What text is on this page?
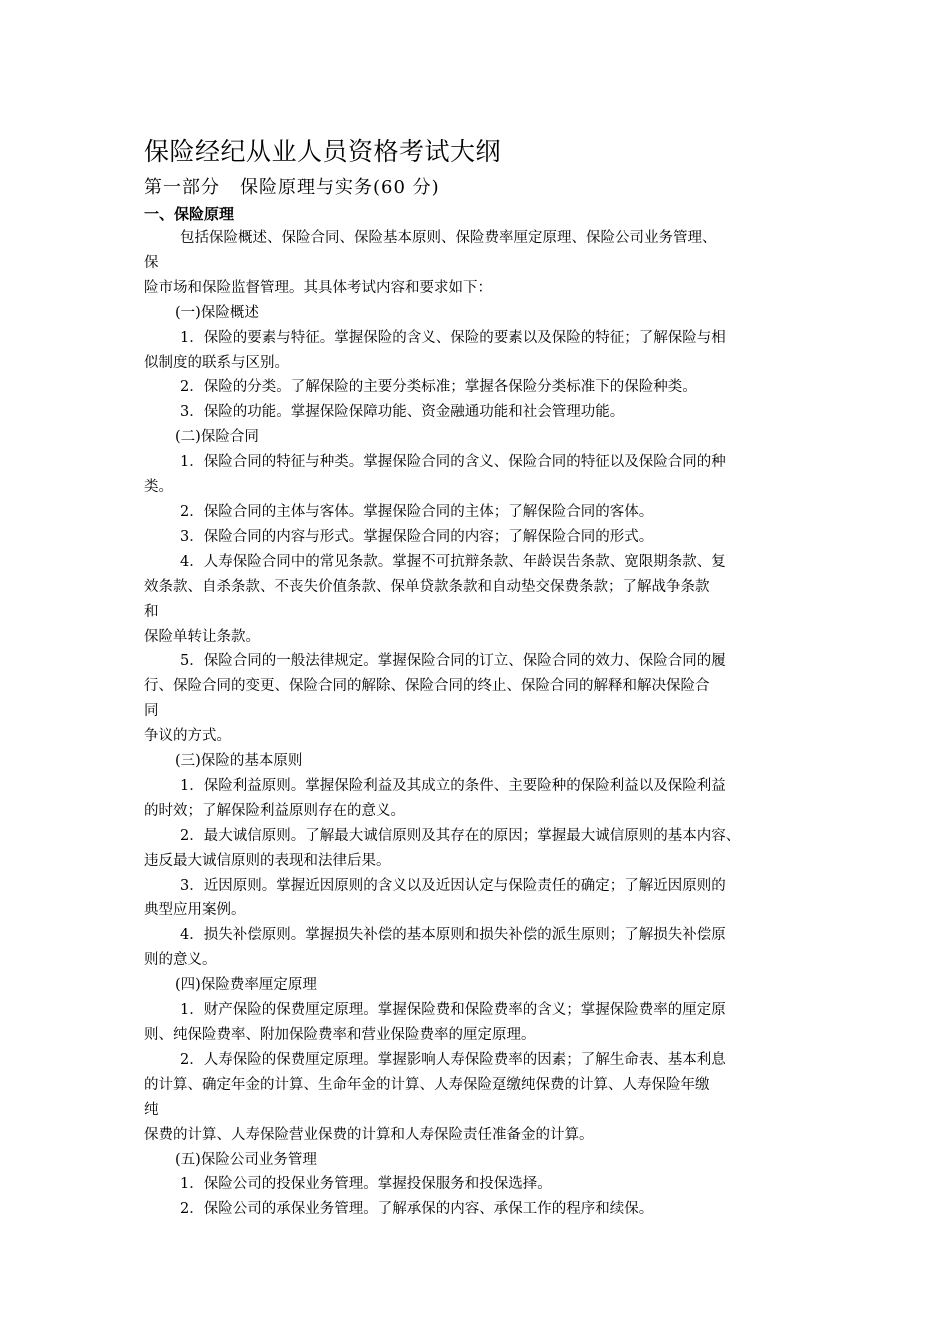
保险经纪从业人员资格考试大纲
第一部分 保险原理与实务(60 分)
一、保险原理

包括保险概述、保险合同、保险基本原则、保险费率厘定原理、保险公司业务管理、

保

险市场和保险监督管理。其具体考试内容和要求如下：

(一)保险概述

1．保险的要素与特征。掌握保险的含义、保险的要素以及保险的特征；了解保险与相

似制度的联系与区别。

2．保险的分类。了解保险的主要分类标准；掌握各保险分类标准下的保险种类。

3．保险的功能。掌握保险保障功能、资金融通功能和社会管理功能。

(二)保险合同

1．保险合同的特征与种类。掌握保险合同的含义、保险合同的特征以及保险合同的种

类。

2．保险合同的主体与客体。掌握保险合同的主体；了解保险合同的客体。

3．保险合同的内容与形式。掌握保险合同的内容；了解保险合同的形式。

4．人寿保险合同中的常见条款。掌握不可抗辩条款、年龄误告条款、宽限期条款、复

效条款、自杀条款、不丧失价值条款、保单贷款条款和自动垫交保费条款；了解战争条款

和

保险单转让条款。

5．保险合同的一般法律规定。掌握保险合同的订立、保险合同的效力、保险合同的履

行、保险合同的变更、保险合同的解除、保险合同的终止、保险合同的解释和解决保险合

同

争议的方式。

(三)保险的基本原则

1．保险利益原则。掌握保险利益及其成立的条件、主要险种的保险利益以及保险利益

的时效；了解保险利益原则存在的意义。

2．最大诚信原则。了解最大诚信原则及其存在的原因；掌握最大诚信原则的基本内容、

违反最大诚信原则的表现和法律后果。

3．近因原则。掌握近因原则的含义以及近因认定与保险责任的确定；了解近因原则的

典型应用案例。

4．损失补偿原则。掌握损失补偿的基本原则和损失补偿的派生原则；了解损失补偿原

则的意义。

(四)保险费率厘定原理

1．财产保险的保费厘定原理。掌握保险费和保险费率的含义；掌握保险费率的厘定原

则、纯保险费率、附加保险费率和营业保险费率的厘定原理。

2．人寿保险的保费厘定原理。掌握影响人寿保险费率的因素；了解生命表、基本利息

的计算、确定年金的计算、生命年金的计算、人寿保险趸缴纯保费的计算、人寿保险年缴

纯

保费的计算、人寿保险营业保费的计算和人寿保险责任准备金的计算。

(五)保险公司业务管理

1．保险公司的投保业务管理。掌握投保服务和投保选择。

2．保险公司的承保业务管理。了解承保的内容、承保工作的程序和续保。
